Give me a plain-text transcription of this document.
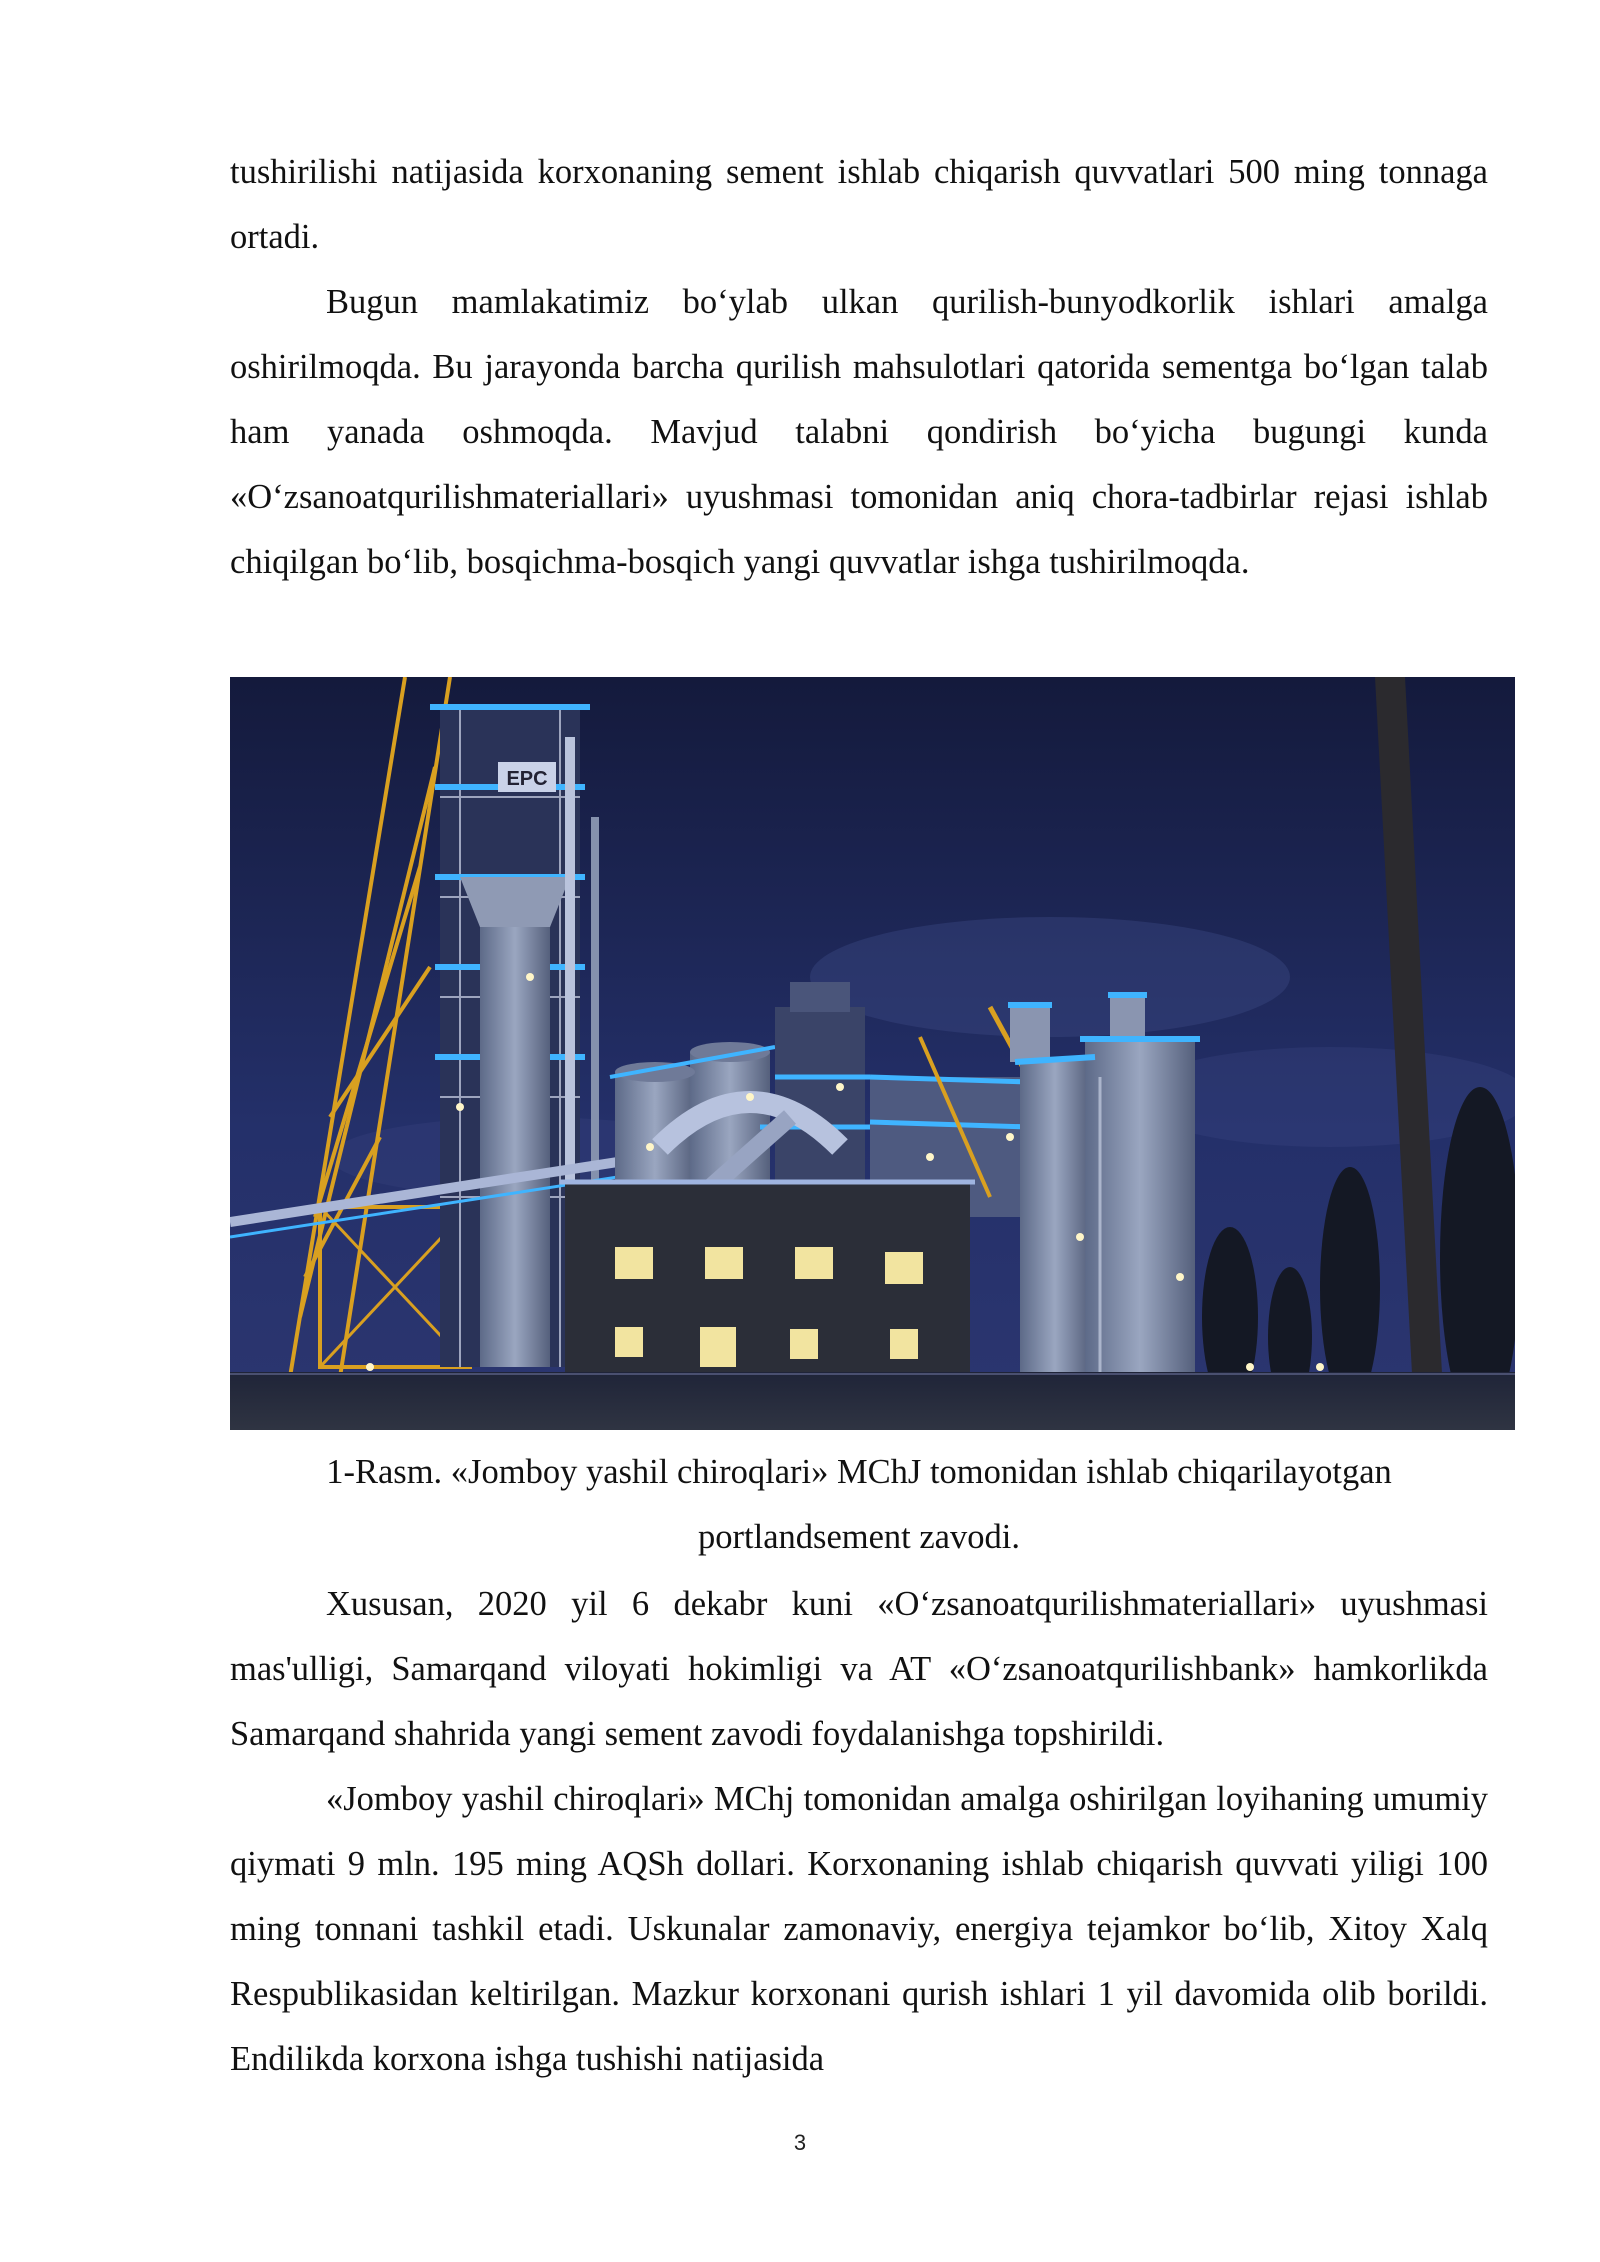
tushirilishi natijasida korxonaning sement ishlab chiqarish quvvatlari 500 ming tonnaga ortadi.

Bugun mamlakatimiz bo‘ylab ulkan qurilish-bunyodkorlik ishlari amalga oshirilmoqda. Bu jarayonda barcha qurilish mahsulotlari qatorida sementga bo‘lgan talab ham yanada oshmoqda. Mavjud talabni qondirish bo‘yicha bugungi kunda «O‘zsanoatqurilishmateriallari» uyushmasi tomonidan aniq chora-tadbirlar rejasi ishlab chiqilgan bo‘lib, bosqichma-bosqich yangi quvvatlar ishga tushirilmoqda.

EPC
1-Rasm. «Jomboy yashil chiroqlari» MChJ tomonidan ishlab chiqarilayotgan
portlandsement zavodi.

Xususan, 2020 yil 6 dekabr kuni «O‘zsanoatqurilishmateriallari» uyushmasi mas'ulligi, Samarqand viloyati hokimligi va AT «O‘zsanoatqurilishbank» hamkorlikda Samarqand shahrida yangi sement zavodi foydalanishga topshirildi.

«Jomboy yashil chiroqlari» MChj tomonidan amalga oshirilgan loyihaning umumiy qiymati 9 mln. 195 ming AQSh dollari. Korxonaning ishlab chiqarish quvvati yiligi 100 ming tonnani tashkil etadi. Uskunalar zamonaviy, energiya tejamkor bo‘lib, Xitoy Xalq Respublikasidan keltirilgan. Mazkur korxonani qurish ishlari 1 yil davomida olib borildi. Endilikda korxona ishga tushishi natijasida

3
